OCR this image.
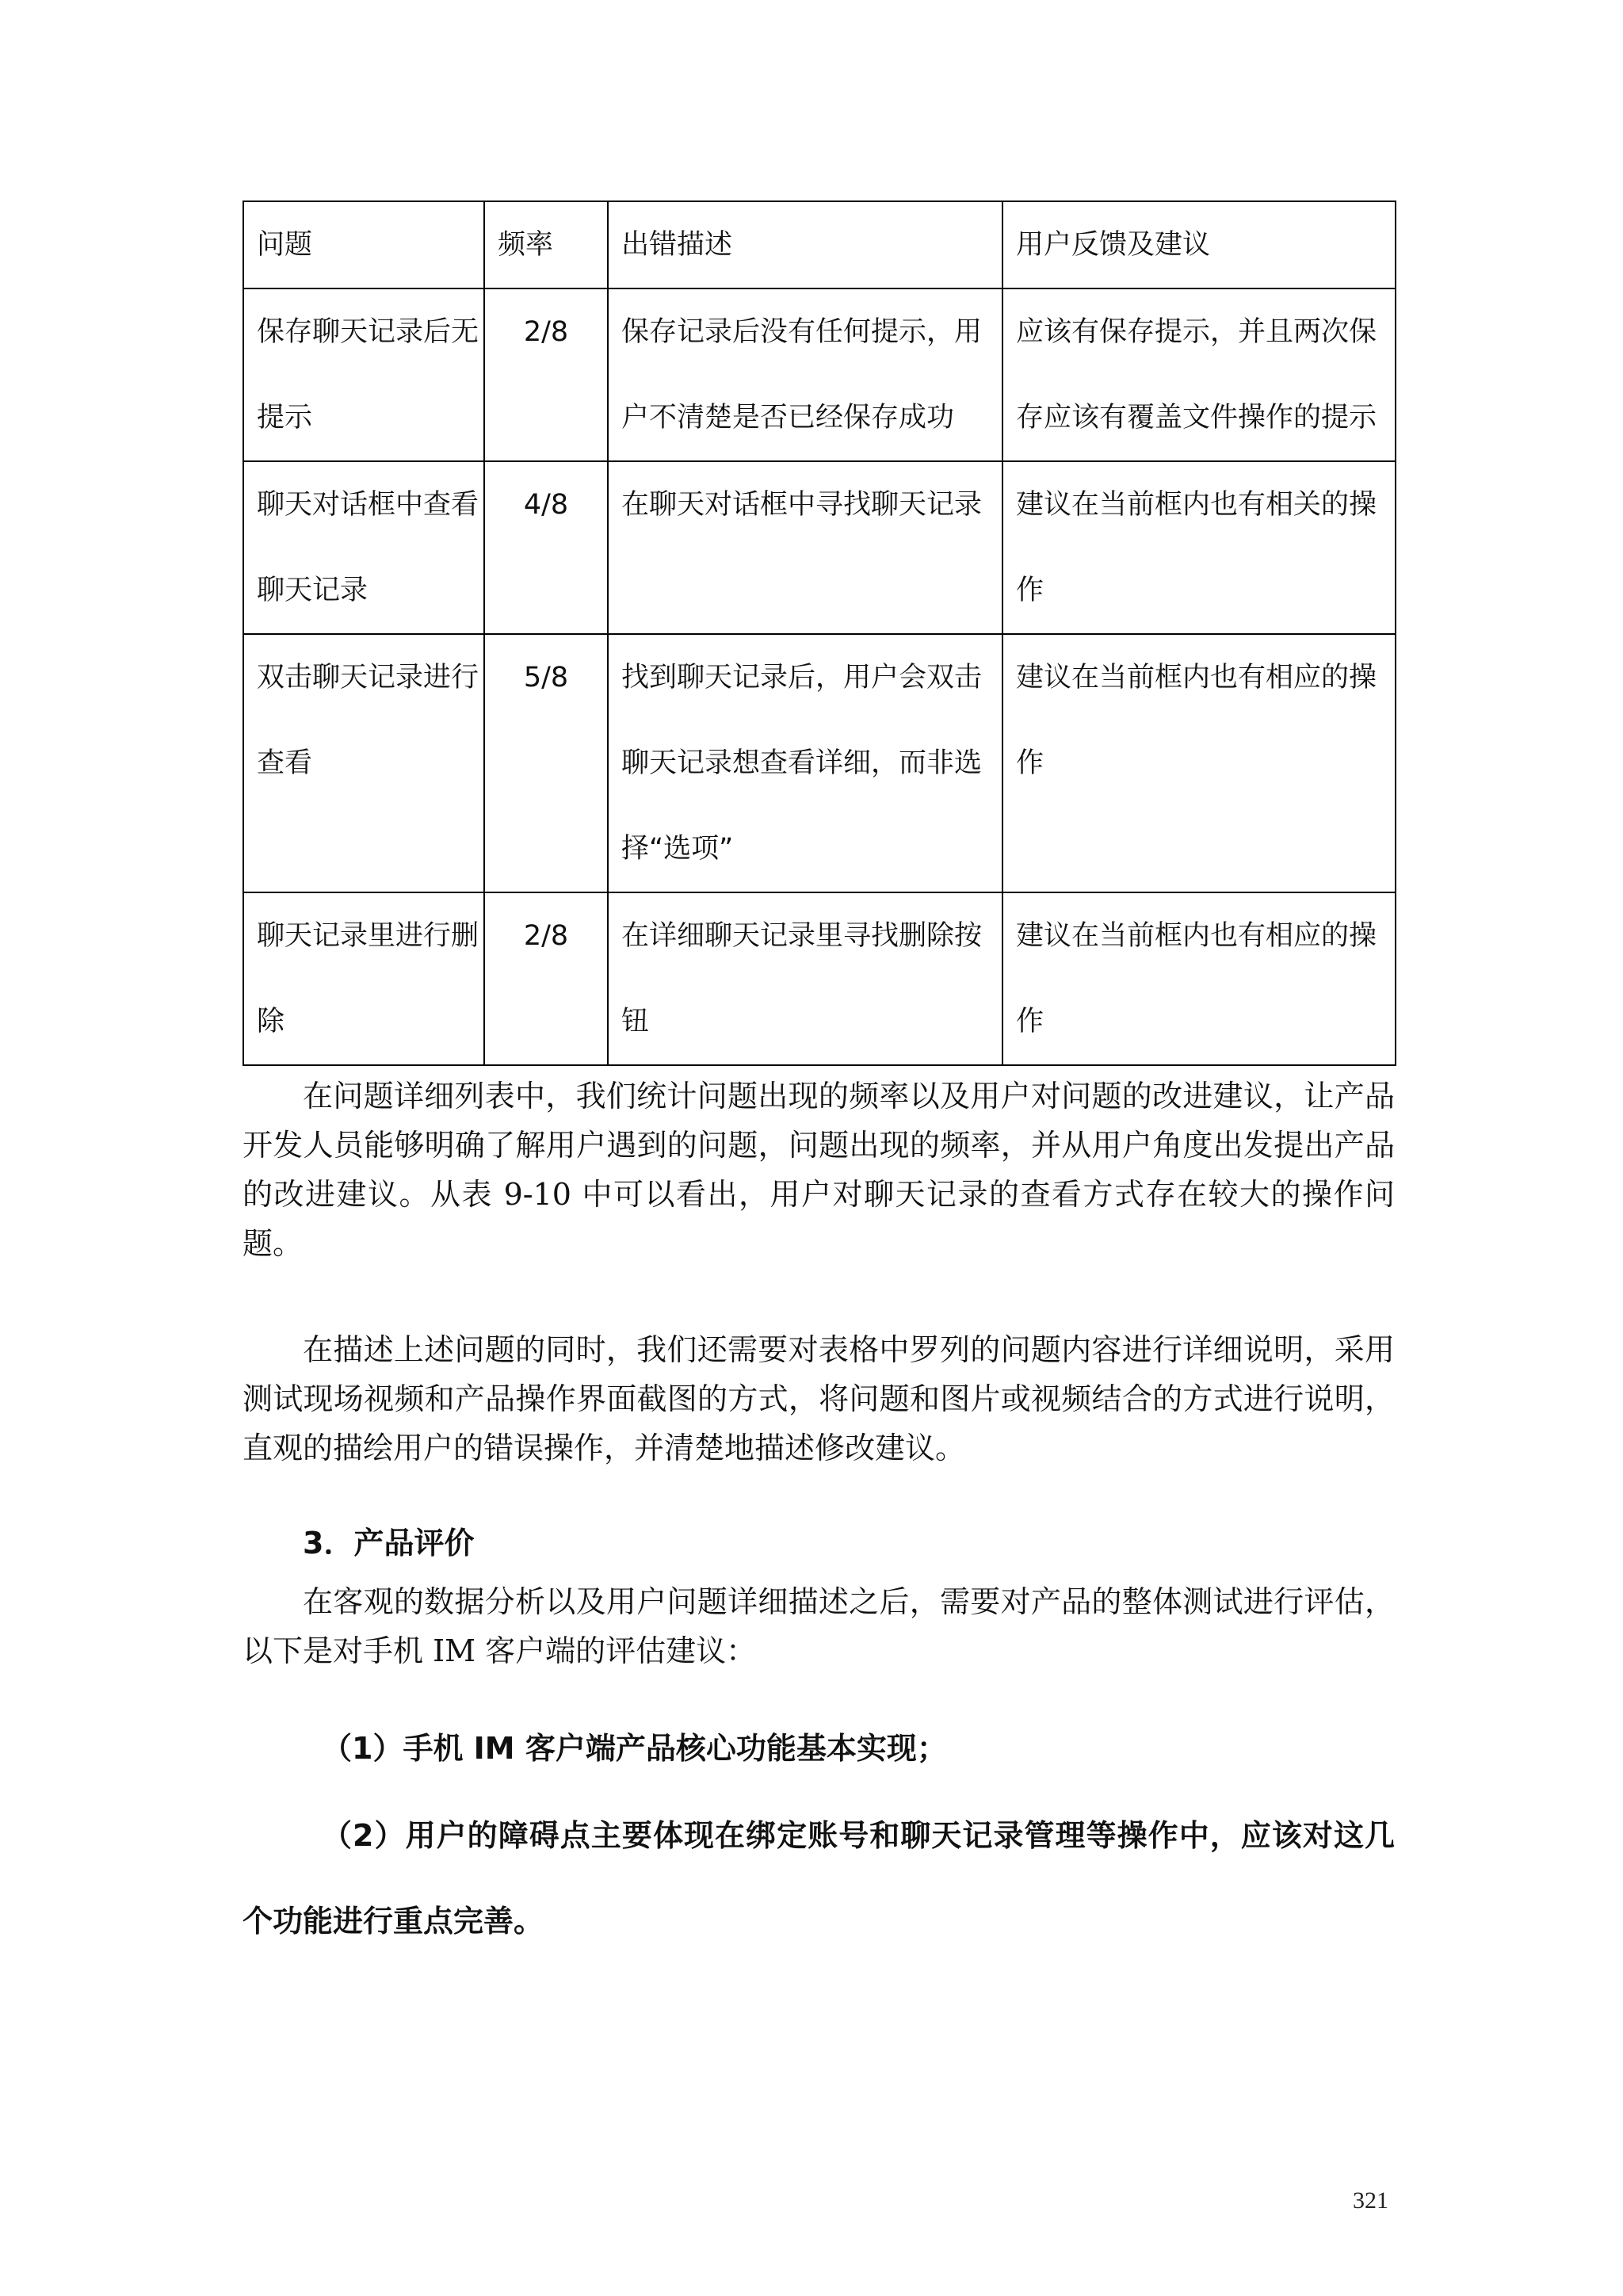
问题	频率	出错描述	用户反馈及建议
保存聊天记录后无提示	2/8	保存记录后没有任何提示，用户不清楚是否已经保存成功	应该有保存提示，并且两次保存应该有覆盖文件操作的提示
聊天对话框中查看聊天记录	4/8	在聊天对话框中寻找聊天记录	建议在当前框内也有相关的操作
双击聊天记录进行查看	5/8	找到聊天记录后，用户会双击聊天记录想查看详细，而非选择“选项”	建议在当前框内也有相应的操作
聊天记录里进行删除	2/8	在详细聊天记录里寻找删除按钮	建议在当前框内也有相应的操作

在问题详细列表中，我们统计问题出现的频率以及用户对问题的改进建议，让产品开发人员能够明确了解用户遇到的问题，问题出现的频率，并从用户角度出发提出产品的改进建议。从表 9-10 中可以看出，用户对聊天记录的查看方式存在较大的操作问题。

在描述上述问题的同时，我们还需要对表格中罗列的问题内容进行详细说明，采用测试现场视频和产品操作界面截图的方式，将问题和图片或视频结合的方式进行说明，直观的描绘用户的错误操作，并清楚地描述修改建议。

3．产品评价

在客观的数据分析以及用户问题详细描述之后，需要对产品的整体测试进行评估，以下是对手机 IM 客户端的评估建议：

（1）手机 IM 客户端产品核心功能基本实现；

（2）用户的障碍点主要体现在绑定账号和聊天记录管理等操作中，应该对这几个功能进行重点完善。

321
